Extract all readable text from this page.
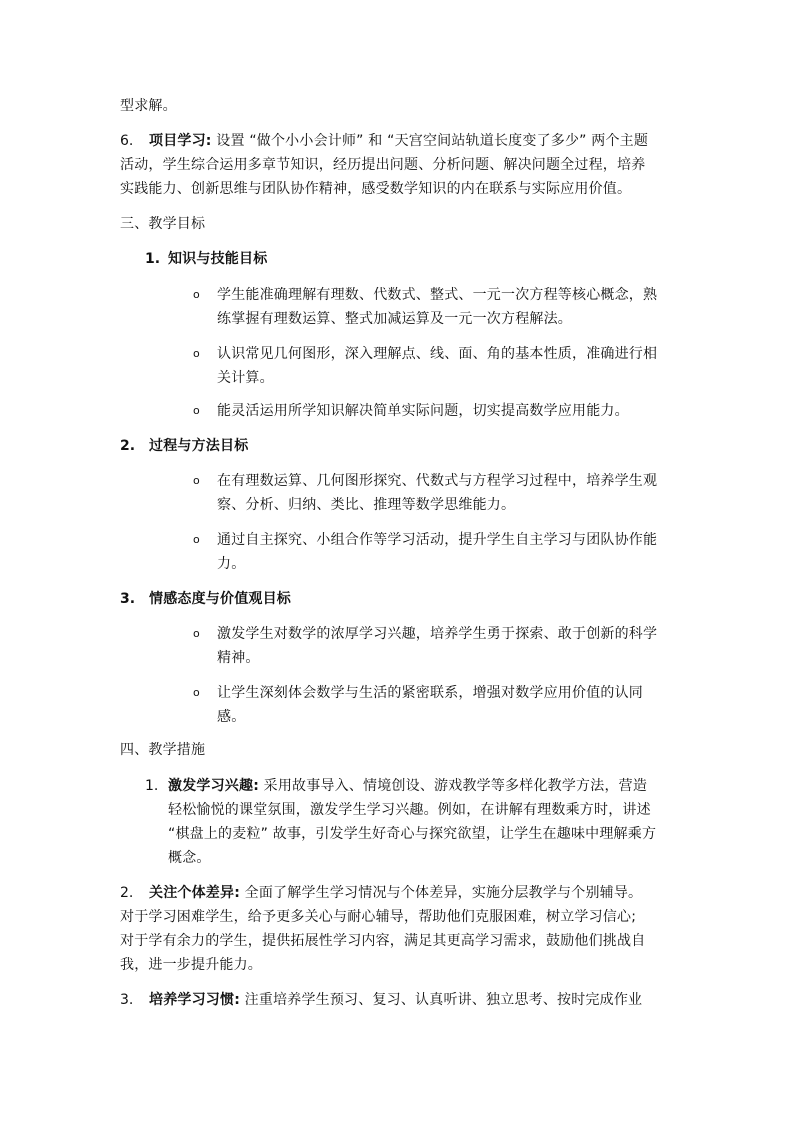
型求解。
6. 项目学习: 设置 “做个小小会计师” 和 “天宫空间站轨道长度变了多少” 两个主题
活动，学生综合运用多章节知识，经历提出问题、分析问题、解决问题全过程，培养
实践能力、创新思维与团队协作精神，感受数学知识的内在联系与实际应用价值。
三、教学目标
1. 知识与技能目标
o 学生能准确理解有理数、代数式、整式、一元一次方程等核心概念，熟
练掌握有理数运算、整式加减运算及一元一次方程解法。
o 认识常见几何图形，深入理解点、线、面、角的基本性质，准确进行相
关计算。
o 能灵活运用所学知识解决简单实际问题，切实提高数学应用能力。
2. 过程与方法目标
o 在有理数运算、几何图形探究、代数式与方程学习过程中，培养学生观
察、分析、归纳、类比、推理等数学思维能力。
o 通过自主探究、小组合作等学习活动，提升学生自主学习与团队协作能
力。
3. 情感态度与价值观目标
o 激发学生对数学的浓厚学习兴趣，培养学生勇于探索、敢于创新的科学
精神。
o 让学生深刻体会数学与生活的紧密联系，增强对数学应用价值的认同
感。
四、教学措施
1. 激发学习兴趣: 采用故事导入、情境创设、游戏教学等多样化教学方法，营造
轻松愉悦的课堂氛围，激发学生学习兴趣。例如，在讲解有理数乘方时，讲述
“棋盘上的麦粒” 故事，引发学生好奇心与探究欲望，让学生在趣味中理解乘方
概念。
2. 关注个体差异: 全面了解学生学习情况与个体差异，实施分层教学与个别辅导。
对于学习困难学生，给予更多关心与耐心辅导，帮助他们克服困难，树立学习信心;
对于学有余力的学生，提供拓展性学习内容，满足其更高学习需求，鼓励他们挑战自
我，进一步提升能力。
3. 培养学习习惯: 注重培养学生预习、复习、认真听讲、独立思考、按时完成作业
